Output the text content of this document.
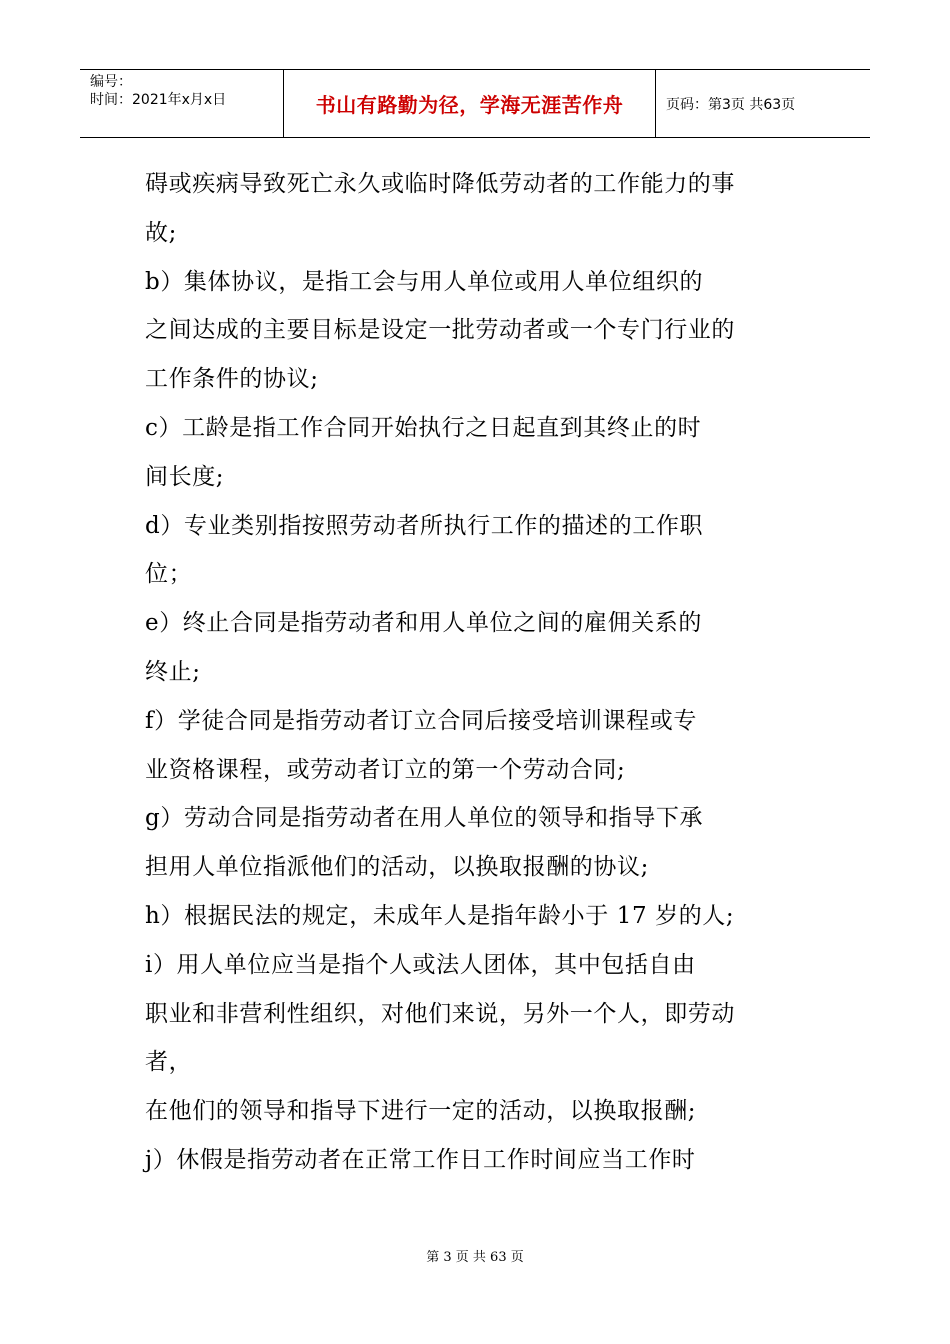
编号：
时间：2021年x月x日	书山有路勤为径，学海无涯苦作舟	页码：第3页 共63页
碍或疾病导致死亡永久或临时降低劳动者的工作能力的事
故;
b）集体协议，是指工会与用人单位或用人单位组织的
之间达成的主要目标是设定一批劳动者或一个专门行业的
工作条件的协议;
c）工龄是指工作合同开始执行之日起直到其终止的时
间长度;
d）专业类别指按照劳动者所执行工作的描述的工作职
位；
e）终止合同是指劳动者和用人单位之间的雇佣关系的
终止;
f）学徒合同是指劳动者订立合同后接受培训课程或专
业资格课程，或劳动者订立的第一个劳动合同;
g）劳动合同是指劳动者在用人单位的领导和指导下承
担用人单位指派他们的活动，以换取报酬的协议;
h）根据民法的规定，未成年人是指年龄小于 17 岁的人;
i）用人单位应当是指个人或法人团体，其中包括自由
职业和非营利性组织，对他们来说，另外一个人，即劳动
者，
在他们的领导和指导下进行一定的活动，以换取报酬;
j）休假是指劳动者在正常工作日工作时间应当工作时
第 3 页 共 63 页
